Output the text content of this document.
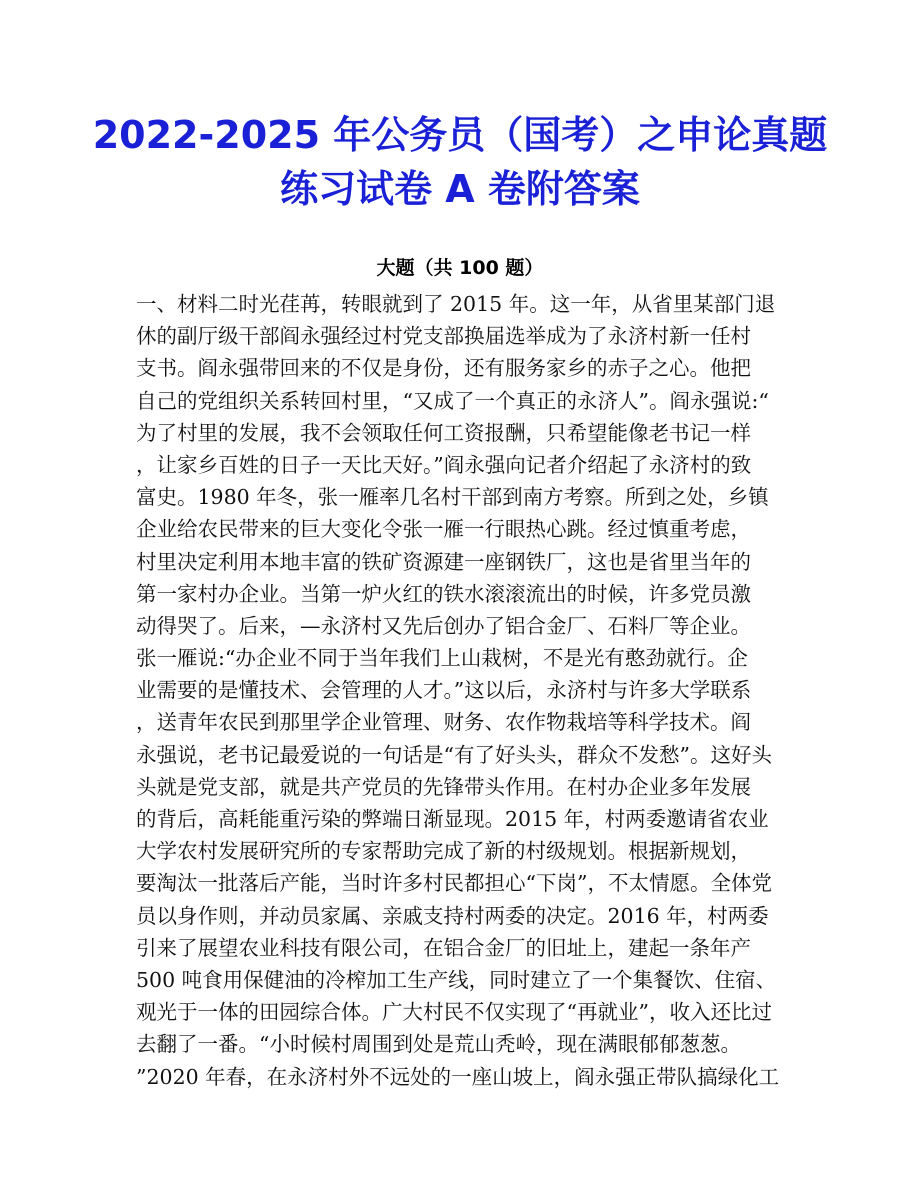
2022-2025 年公务员（国考）之申论真题
练习试卷 A 卷附答案
大题（共 100 题）
一、材料二时光荏苒，转眼就到了 2015 年。这一年，从省里某部门退
休的副厅级干部阎永强经过村党支部换届选举成为了永济村新一任村
支书。阎永强带回来的不仅是身份，还有服务家乡的赤子之心。他把
自己的党组织关系转回村里，“又成了一个真正的永济人”。阎永强说:“
为了村里的发展，我不会领取任何工资报酬，只希望能像老书记一样
，让家乡百姓的日子一天比天好。”阎永强向记者介绍起了永济村的致
富史。1980 年冬，张一雁率几名村干部到南方考察。所到之处，乡镇
企业给农民带来的巨大变化令张一雁一行眼热心跳。经过慎重考虑，
村里决定利用本地丰富的铁矿资源建一座钢铁厂，这也是省里当年的
第一家村办企业。当第一炉火红的铁水滚滚流出的时候，许多党员激
动得哭了。后来，—永济村又先后创办了铝合金厂、石料厂等企业。
张一雁说:“办企业不同于当年我们上山栽树，不是光有憨劲就行。企
业需要的是懂技术、会管理的人才。”这以后，永济村与许多大学联系
，送青年农民到那里学企业管理、财务、农作物栽培等科学技术。阎
永强说，老书记最爱说的一句话是“有了好头头，群众不发愁”。这好头
头就是党支部，就是共产党员的先锋带头作用。在村办企业多年发展
的背后，高耗能重污染的弊端日渐显现。2015 年，村两委邀请省农业
大学农村发展研究所的专家帮助完成了新的村级规划。根据新规划，
要淘汰一批落后产能，当时许多村民都担心“下岗”，不太情愿。全体党
员以身作则，并动员家属、亲戚支持村两委的决定。2016 年，村两委
引来了展望农业科技有限公司，在铝合金厂的旧址上，建起一条年产
500 吨食用保健油的冷榨加工生产线，同时建立了一个集餐饮、住宿、
观光于一体的田园综合体。广大村民不仅实现了“再就业”，收入还比过
去翻了一番。“小时候村周围到处是荒山秃岭，现在满眼郁郁葱葱。
”2020 年春，在永济村外不远处的一座山坡上，阎永强正带队搞绿化工
